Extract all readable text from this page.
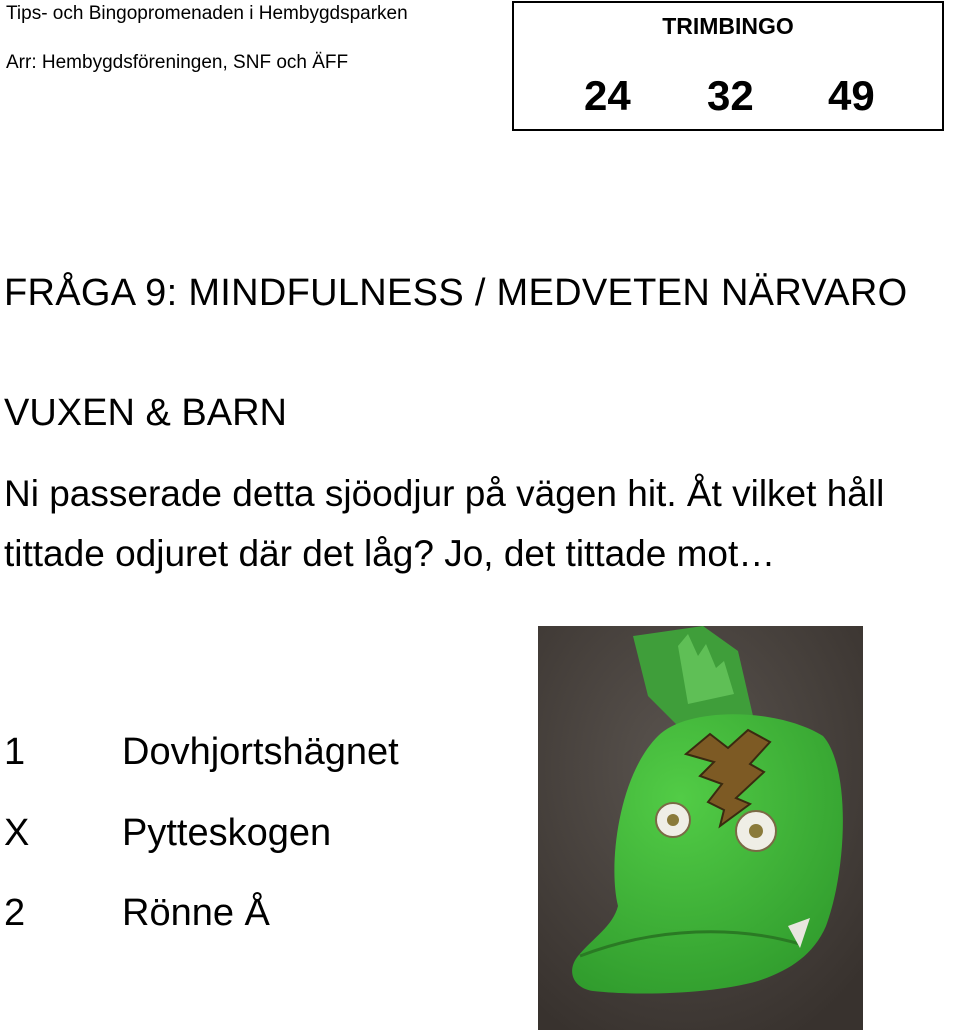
Tips- och Bingopromenaden i Hembygdsparken
Arr: Hembygdsföreningen, SNF och ÄFF
TRIMBINGO
24 32 49
FRÅGA 9: MINDFULNESS / MEDVETEN NÄRVARO
VUXEN & BARN
Ni passerade detta sjöodjur på vägen hit. Åt vilket håll
tittade odjuret där det låg? Jo, det tittade mot…
1	Dovhjortshägnet
X Pytteskogen
2	Rönne Å
